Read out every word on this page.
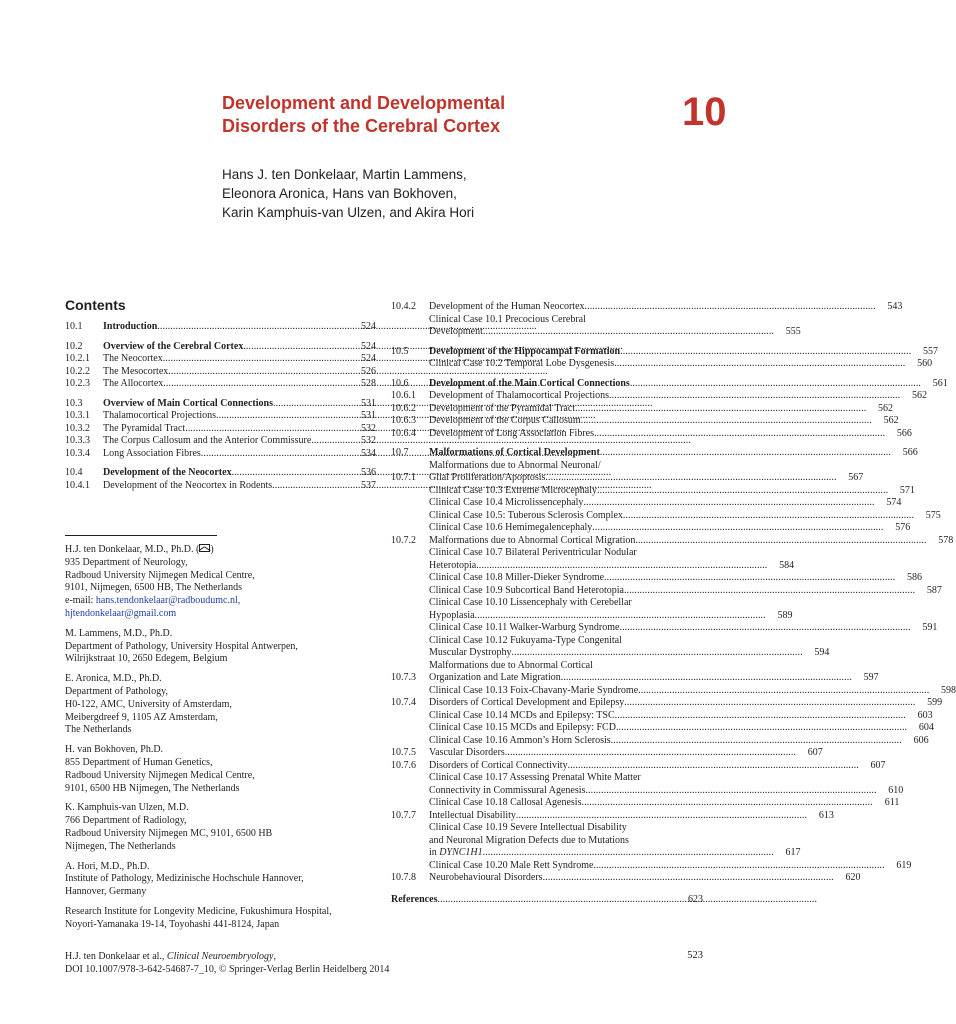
Development and Developmental
Disorders of the Cerebral Cortex	10
Hans J. ten Donkelaar, Martin Lammens,
Eleonora Aronica, Hans van Bokhoven,
Karin Kamphuis-van Ulzen, and Akira Hori
Contents
10.1	Introduction . . .	524
10.2	Overview of the Cerebral Cortex . . .	524
10.2.1	The Neocortex . . .	524
10.2.2	The Mesocortex . . .	526
10.2.3	The Allocortex . . .	528
10.3	Overview of Main Cortical Connections . . .	531
10.3.1	Thalamocortical Projections . . .	531
10.3.2	The Pyramidal Tract . . .	532
10.3.3	The Corpus Callosum and the Anterior Commissure . . .	532
10.3.4	Long Association Fibres . . .	534
10.4	Development of the Neocortex . . .	536
10.4.1	Development of the Neocortex in Rodents . . .	537
10.4.2	Development of the Human Neocortex . . .	543
Clinical Case 10.1 Precocious Cerebral
Development . . .	555
10.5	Development of the Hippocampal Formation . . .	557
Clinical Case 10.2 Temporal Lobe Dysgenesis . . .	560
10.6	Development of the Main Cortical Connections . . .	561
10.6.1	Development of Thalamocortical Projections . . .	562
10.6.2	Development of the Pyramidal Tract . . .	562
10.6.3	Development of the Corpus Callosum . . .	562
10.6.4	Development of Long Association Fibres . . .	566
10.7	Malformations of Cortical Development . . .	566
10.7.1
Malformations due to Abnormal Neuronal/
Glial Proliferation/Apoptosis . . .	567
Clinical Case 10.3 Extreme Microcephaly . . .	571
Clinical Case 10.4 Microlissencephaly . . .	574
Clinical Case 10.5: Tuberous Sclerosis Complex . . .	575
Clinical Case 10.6 Hemimegalencephaly . . .	576
10.7.2	Malformations due to Abnormal Cortical Migration . . .	578
Clinical Case 10.7 Bilateral Periventricular Nodular
Heterotopia . . .	584
Clinical Case 10.8 Miller-Dieker Syndrome . . .	586
Clinical Case 10.9 Subcortical Band Heterotopia . . .	587
Clinical Case 10.10 Lissencephaly with Cerebellar
Hypoplasia . . .	589
Clinical Case 10.11 Walker-Warburg Syndrome . . .	591
Clinical Case 10.12 Fukuyama-Type Congenital
Muscular Dystrophy . . .	594
10.7.3
Malformations due to Abnormal Cortical
Organization and Late Migration . . .	597
Clinical Case 10.13 Foix-Chavany-Marie Syndrome . . .	598
10.7.4	Disorders of Cortical Development and Epilepsy . . .	599
Clinical Case 10.14 MCDs and Epilepsy: TSC . . .	603
Clinical Case 10.15 MCDs and Epilepsy: FCD . . .	604
Clinical Case 10.16 Ammon’s Horn Sclerosis . . .	606
10.7.5	Vascular Disorders . . .	607
10.7.6	Disorders of Cortical Connectivity . . .	607
Clinical Case 10.17 Assessing Prenatal White Matter
Connectivity in Commissural Agenesis . . .	610
Clinical Case 10.18 Callosal Agenesis . . .	611
10.7.7	Intellectual Disability . . .	613
Clinical Case 10.19 Severe Intellectual Disability
and Neuronal Migration Defects due to Mutations
in DYNC1H1 . . .	617
Clinical Case 10.20 Male Rett Syndrome . . .	619
10.7.8	Neurobehavioural Disorders . . .	620
References . . .	623
H.J. ten Donkelaar, M.D., Ph.D. ( )
935 Department of Neurology,
Radboud University Nijmegen Medical Centre,
9101, Nijmegen, 6500 HB, The Netherlands
e-mail: hans.tendonkelaar@radboudumc.nl,
hjtendonkelaar@gmail.com
M. Lammens, M.D., Ph.D.
Department of Pathology, University Hospital Antwerpen,
Wilrijkstraat 10, 2650 Edegem, Belgium
E. Aronica, M.D., Ph.D.
Department of Pathology,
H0-122, AMC, University of Amsterdam,
Meibergdreef 9, 1105 AZ Amsterdam,
The Netherlands
H. van Bokhoven, Ph.D.
855 Department of Human Genetics,
Radboud University Nijmegen Medical Centre,
9101, 6500 HB Nijmegen, The Netherlands
K. Kamphuis-van Ulzen, M.D.
766 Department of Radiology,
Radboud University Nijmegen MC, 9101, 6500 HB
Nijmegen, The Netherlands
A. Hori, M.D., Ph.D.
Institute of Pathology, Medizinische Hochschule Hannover,
Hannover, Germany
Research Institute for Longevity Medicine, Fukushimura Hospital,
Noyori-Yamanaka 19-14, Toyohashi 441-8124, Japan
H.J. ten Donkelaar et al., Clinical Neuroembryology,
DOI 10.1007/978-3-642-54687-7_10, © Springer-Verlag Berlin Heidelberg 2014
523
